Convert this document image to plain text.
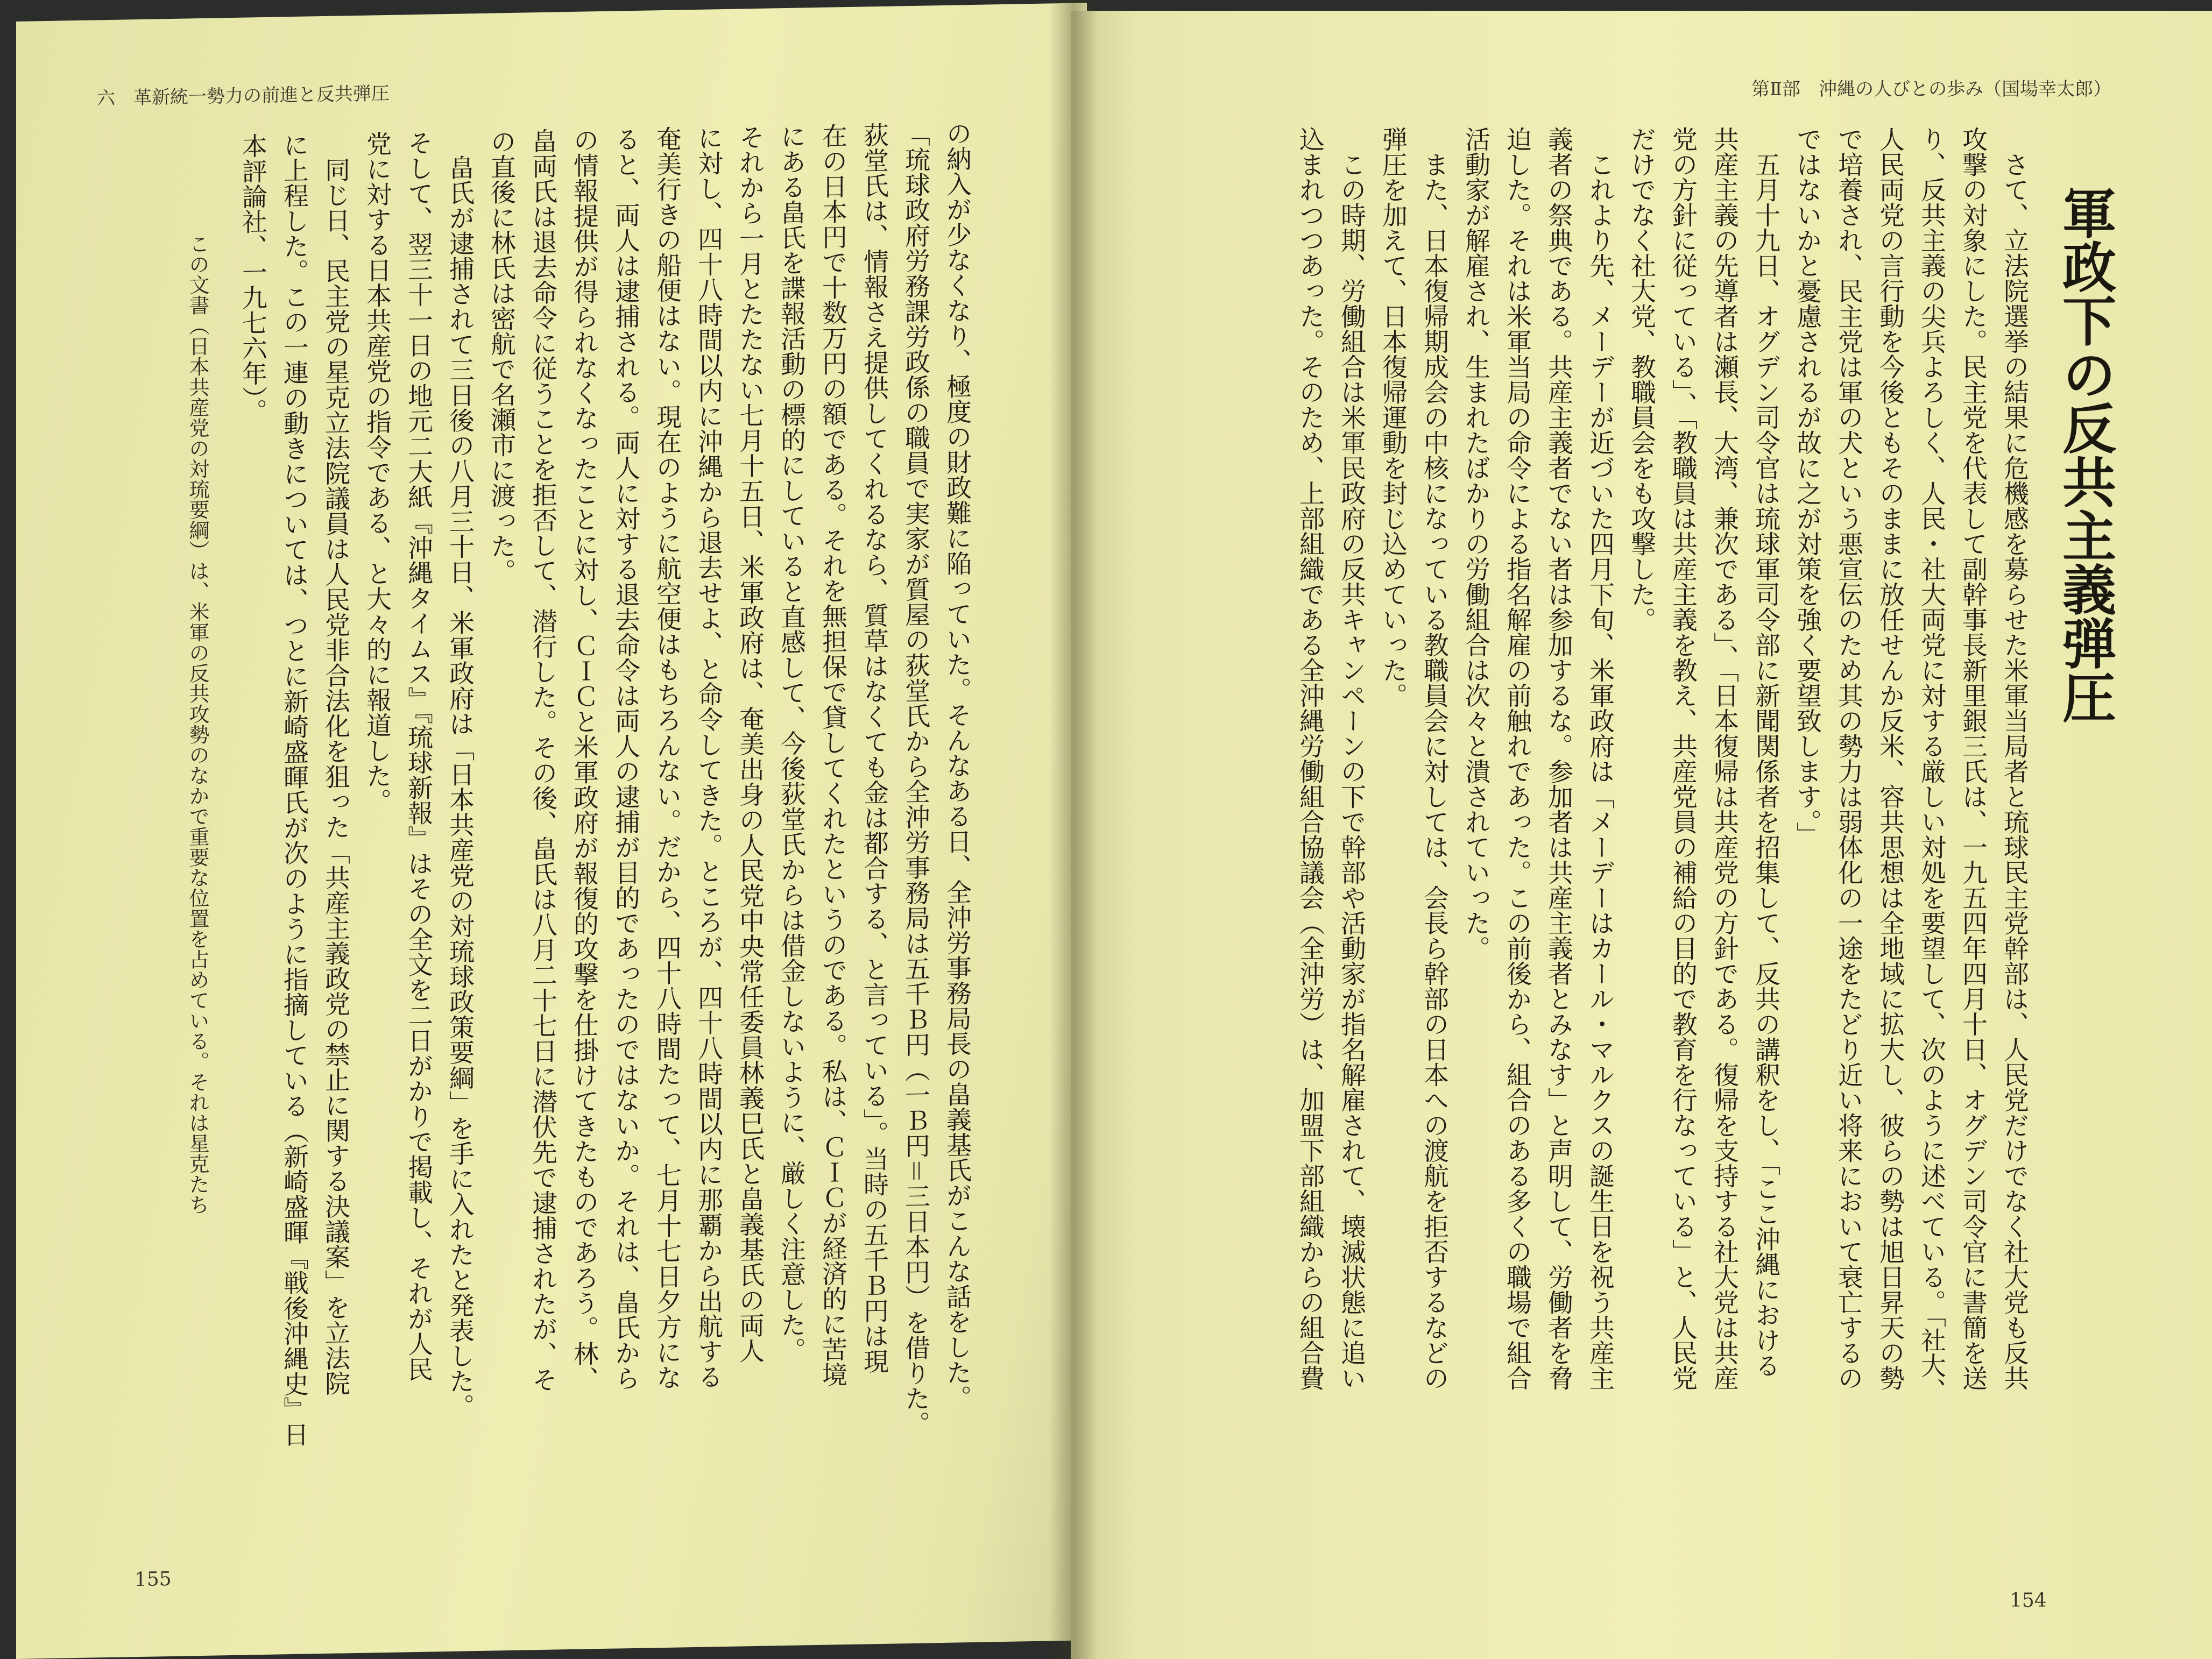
六　革新統一勢力の前進と反共弾圧
の納入が少なくなり、極度の財政難に陥っていた。そんなある日、全沖労事務局長の畠義基氏がこんな話をした。
「琉球政府労務課労政係の職員で実家が質屋の荻堂氏から全沖労事務局は五千Ｂ円（一Ｂ円＝三日本円）を借りた。
荻堂氏は、情報さえ提供してくれるなら、質草はなくても金は都合する、と言っている」。当時の五千Ｂ円は現
在の日本円で十数万円の額である。それを無担保で貸してくれたというのである。私は、ＣＩＣが経済的に苦境
にある畠氏を諜報活動の標的にしていると直感して、今後荻堂氏からは借金しないように、厳しく注意した。
それから一月とたたない七月十五日、米軍政府は、奄美出身の人民党中央常任委員林義巳氏と畠義基氏の両人
に対し、四十八時間以内に沖縄から退去せよ、と命令してきた。ところが、四十八時間以内に那覇から出航する
奄美行きの船便はない。現在のように航空便はもちろんない。だから、四十八時間たって、七月十七日夕方にな
ると、両人は逮捕される。両人に対する退去命令は両人の逮捕が目的であったのではないか。それは、畠氏から
の情報提供が得られなくなったことに対し、ＣＩＣと米軍政府が報復的攻撃を仕掛けてきたものであろう。林、
畠両氏は退去命令に従うことを拒否して、潜行した。その後、畠氏は八月二十七日に潜伏先で逮捕されたが、そ
の直後に林氏は密航で名瀬市に渡った。
　畠氏が逮捕されて三日後の八月三十日、米軍政府は「日本共産党の対琉球政策要綱」を手に入れたと発表した。
そして、翌三十一日の地元二大紙『沖縄タイムス』『琉球新報』はその全文を二日がかりで掲載し、それが人民
党に対する日本共産党の指令である、と大々的に報道した。
　同じ日、民主党の星克立法院議員は人民党非合法化を狙った「共産主義政党の禁止に関する決議案」を立法院
に上程した。この一連の動きについては、つとに新崎盛暉氏が次のように指摘している（新崎盛暉『戦後沖縄史』日
本評論社、一九七六年）。
この文書（日本共産党の対琉要綱）は、米軍の反共攻勢のなかで重要な位置を占めている。それは星克たち
155
第Ⅱ部　沖縄の人びとの歩み（国場幸太郎）
軍政下の反共主義弾圧
　さて、立法院選挙の結果に危機感を募らせた米軍当局者と琉球民主党幹部は、人民党だけでなく社大党も反共
攻撃の対象にした。民主党を代表して副幹事長新里銀三氏は、一九五四年四月十日、オグデン司令官に書簡を送
り、反共主義の尖兵よろしく、人民・社大両党に対する厳しい対処を要望して、次のように述べている。「社大、
人民両党の言行動を今後ともそのままに放任せんか反米、容共思想は全地域に拡大し、彼らの勢は旭日昇天の勢
で培養され、民主党は軍の犬という悪宣伝のため其の勢力は弱体化の一途をたどり近い将来において衰亡するの
ではないかと憂慮されるが故に之が対策を強く要望致します。」
　五月十九日、オグデン司令官は琉球軍司令部に新聞関係者を招集して、反共の講釈をし、「ここ沖縄における
共産主義の先導者は瀬長、大湾、兼次である」、「日本復帰は共産党の方針である。復帰を支持する社大党は共産
党の方針に従っている」、「教職員は共産主義を教え、共産党員の補給の目的で教育を行なっている」と、人民党
だけでなく社大党、教職員会をも攻撃した。
　これより先、メーデーが近づいた四月下旬、米軍政府は「メーデーはカール・マルクスの誕生日を祝う共産主
義者の祭典である。共産主義者でない者は参加するな。参加者は共産主義者とみなす」と声明して、労働者を脅
迫した。それは米軍当局の命令による指名解雇の前触れであった。この前後から、組合のある多くの職場で組合
活動家が解雇され、生まれたばかりの労働組合は次々と潰されていった。
　また、日本復帰期成会の中核になっている教職員会に対しては、会長ら幹部の日本への渡航を拒否するなどの
弾圧を加えて、日本復帰運動を封じ込めていった。
　この時期、労働組合は米軍民政府の反共キャンペーンの下で幹部や活動家が指名解雇されて、壊滅状態に追い
込まれつつあった。そのため、上部組織である全沖縄労働組合協議会（全沖労）は、加盟下部組織からの組合費
154
